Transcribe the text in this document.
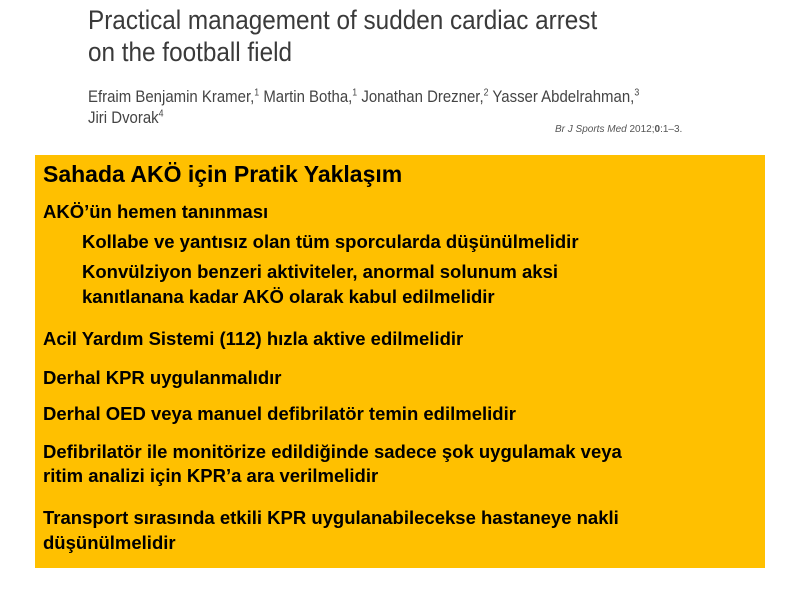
Practical management of sudden cardiac arrest
on the football field
Efraim Benjamin Kramer,$^1$ Martin Botha,$^1$ Jonathan Drezner,$^2$ Yasser Abdelrahman,$^3$
Jiri Dvorak$^4$
Br J Sports Med 2012;0:1–3.
Sahada AKÖ için Pratik Yaklaşım
AKÖ’ün hemen tanınması
Kollabe ve yantısız olan tüm sporcularda düşünülmelidir
Konvülziyon benzeri aktiviteler, anormal solunum aksi
kanıtlanana kadar AKÖ olarak kabul edilmelidir
Acil Yardım Sistemi (112) hızla aktive edilmelidir
Derhal KPR uygulanmalıdır
Derhal OED veya manuel defibrilatör temin edilmelidir
Defibrilatör ile monitörize edildiğinde sadece şok uygulamak veya
ritim analizi için KPR’a ara verilmelidir
Transport sırasında etkili KPR uygulanabilecekse hastaneye nakli
düşünülmelidir
